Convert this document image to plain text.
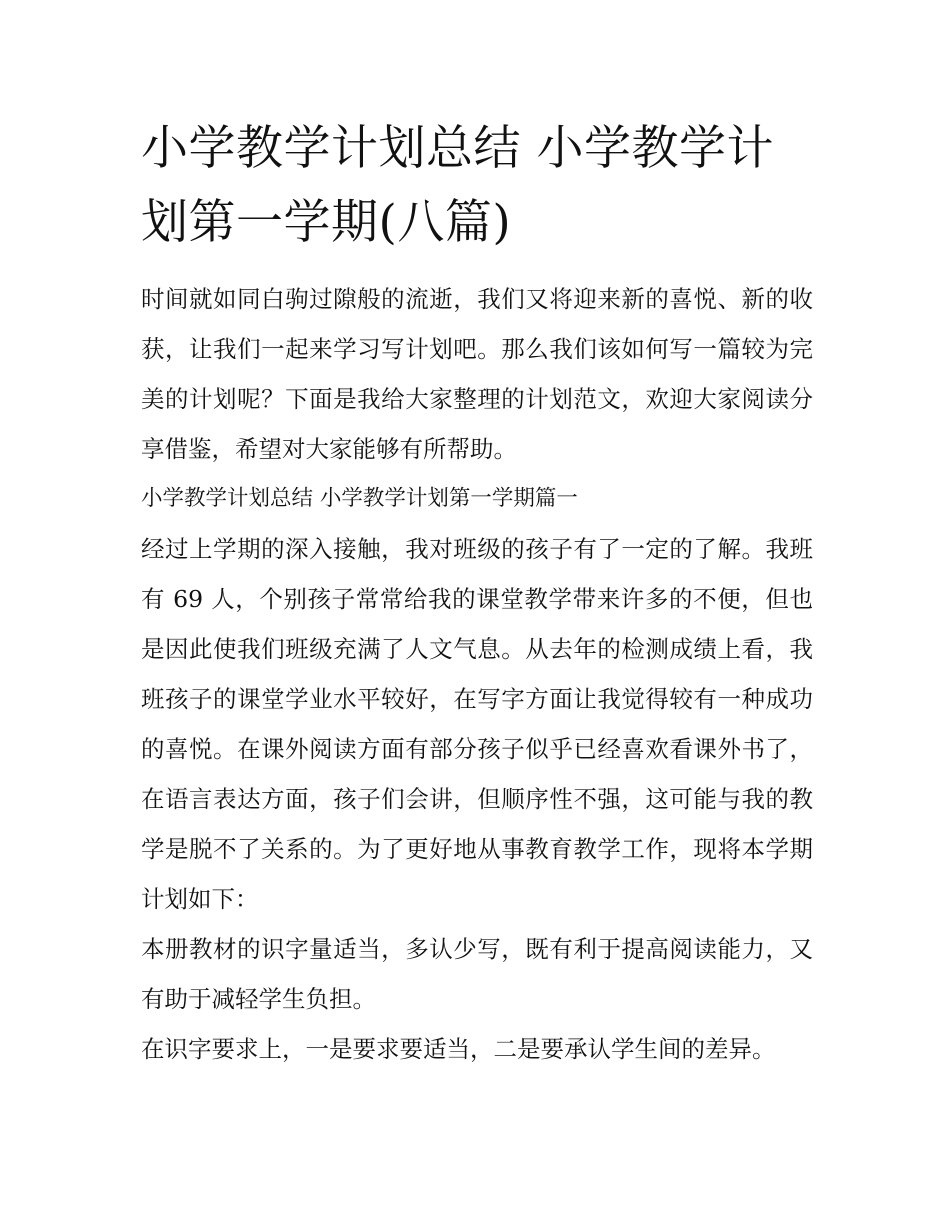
小学教学计划总结 小学教学计划第一学期(八篇)

时间就如同白驹过隙般的流逝，我们又将迎来新的喜悦、新的收获，让我们一起来学习写计划吧。那么我们该如何写一篇较为完美的计划呢？下面是我给大家整理的计划范文，欢迎大家阅读分享借鉴，希望对大家能够有所帮助。

小学教学计划总结 小学教学计划第一学期篇一

经过上学期的深入接触，我对班级的孩子有了一定的了解。我班有 69 人，个别孩子常常给我的课堂教学带来许多的不便，但也是因此使我们班级充满了人文气息。从去年的检测成绩上看，我班孩子的课堂学业水平较好，在写字方面让我觉得较有一种成功的喜悦。在课外阅读方面有部分孩子似乎已经喜欢看课外书了，在语言表达方面，孩子们会讲，但顺序性不强，这可能与我的教学是脱不了关系的。为了更好地从事教育教学工作，现将本学期计划如下：

本册教材的识字量适当，多认少写，既有利于提高阅读能力，又有助于减轻学生负担。

在识字要求上，一是要求要适当，二是要承认学生间的差异。
